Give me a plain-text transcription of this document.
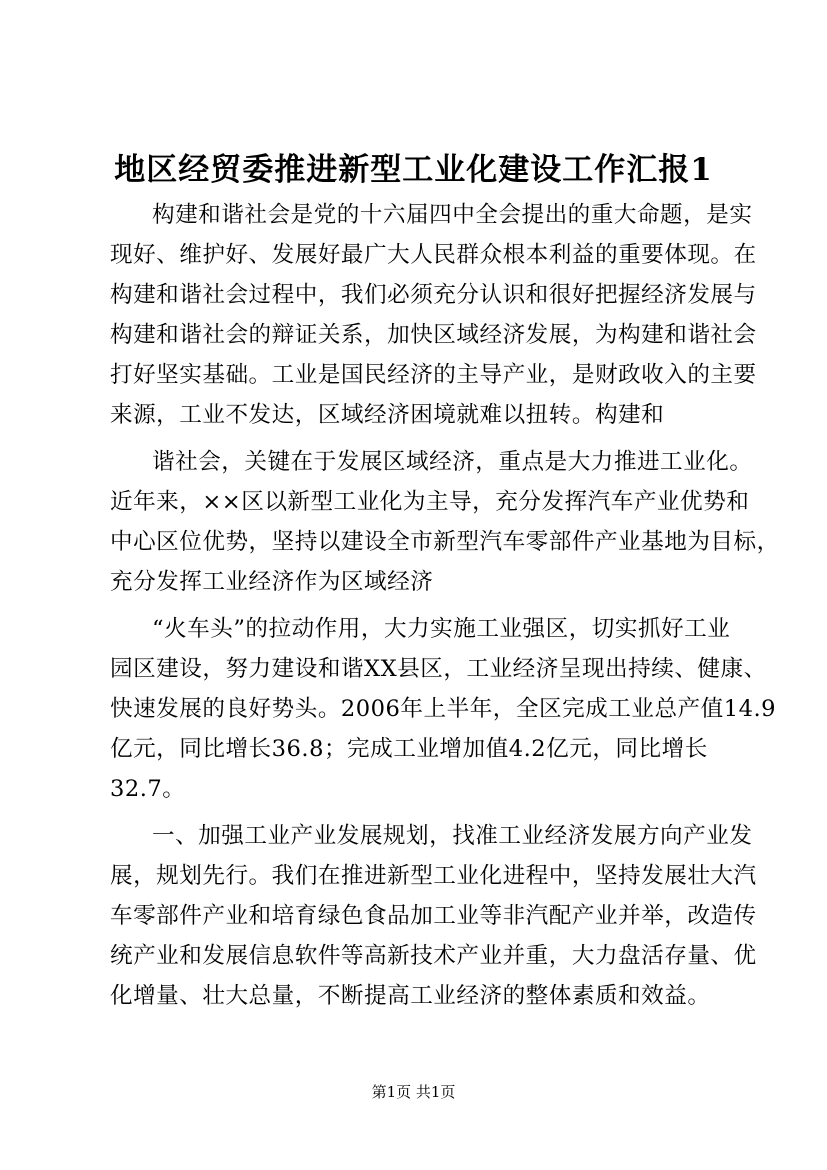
地区经贸委推进新型工业化建设工作汇报1
构建和谐社会是党的十六届四中全会提出的重大命题，是实
现好、维护好、发展好最广大人民群众根本利益的重要体现。在
构建和谐社会过程中，我们必须充分认识和很好把握经济发展与
构建和谐社会的辩证关系，加快区域经济发展，为构建和谐社会
打好坚实基础。工业是国民经济的主导产业，是财政收入的主要
来源，工业不发达，区域经济困境就难以扭转。构建和
谐社会，关键在于发展区域经济，重点是大力推进工业化。
近年来，××区以新型工业化为主导，充分发挥汽车产业优势和
中心区位优势，坚持以建设全市新型汽车零部件产业基地为目标，
充分发挥工业经济作为区域经济
“火车头”的拉动作用，大力实施工业强区，切实抓好工业
园区建设，努力建设和谐XX县区，工业经济呈现出持续、健康、
快速发展的良好势头。2006年上半年，全区完成工业总产值14.9
亿元，同比增长36.8；完成工业增加值4.2亿元，同比增长
32.7。
一、加强工业产业发展规划，找准工业经济发展方向产业发
展，规划先行。我们在推进新型工业化进程中，坚持发展壮大汽
车零部件产业和培育绿色食品加工业等非汽配产业并举，改造传
统产业和发展信息软件等高新技术产业并重，大力盘活存量、优
化增量、壮大总量，不断提高工业经济的整体素质和效益。
第1页 共1页
